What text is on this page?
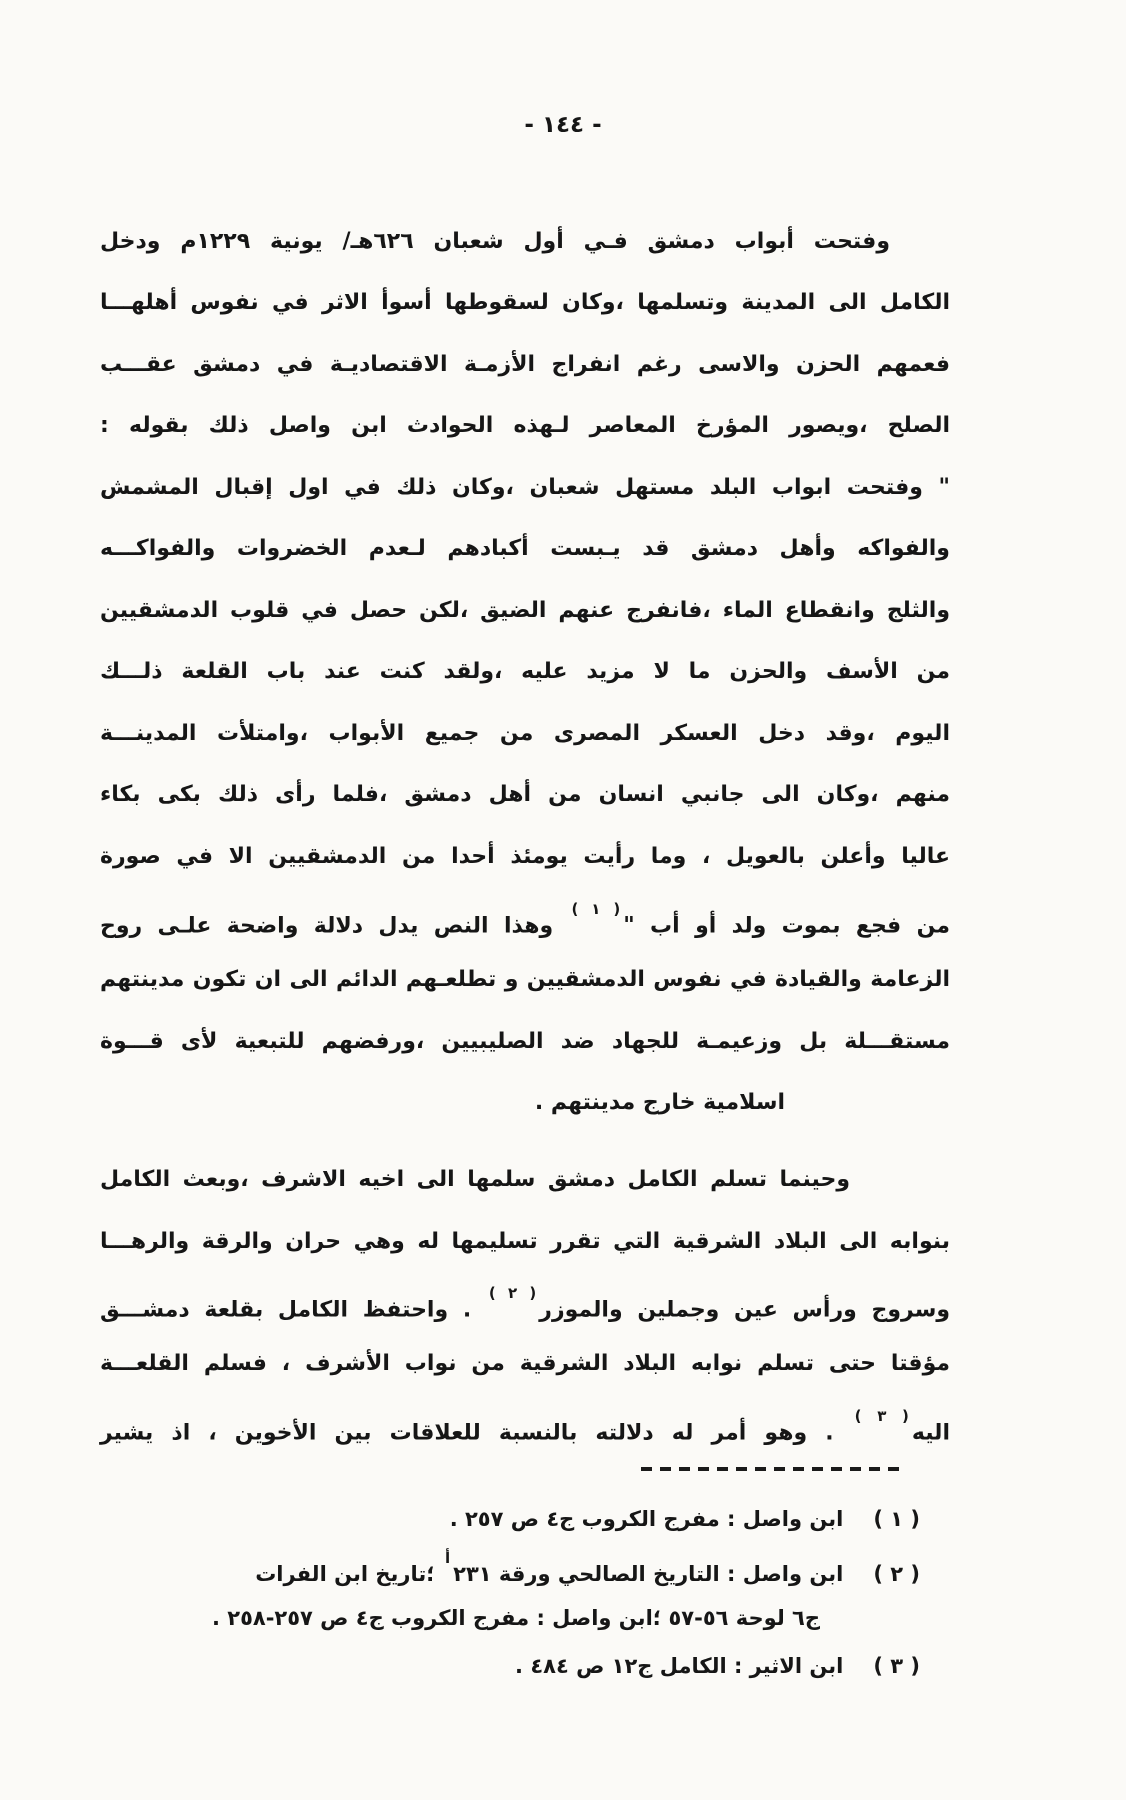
- ١٤٤ -
وفتحت أبواب دمشق فـي أول شعبان ٦٢٦هـ/ يونية ١٢٢٩م ودخل
الكامل الى المدينة وتسلمها ،وكان لسقوطها أسوأ الاثر في نفوس أهلهـــا
فعمهم الحزن والاسى رغم انفراج الأزمـة الاقتصاديـة في دمشق عقـــب
الصلح ،ويصور المؤرخ المعاصر لـهذه الحوادث ابن واصل ذلك بقوله :
" وفتحت ابواب البلد مستهل شعبان ،وكان ذلك في اول إقبال المشمش
والفواكه وأهل دمشق قد يـبست أكبادهم لـعدم الخضروات والفواكـــه
والثلج وانقطاع الماء ،فانفرج عنهم الضيق ،لكن حصل في قلوب الدمشقيين
من الأسف والحزن ما لا مزيد عليه ،ولقد كنت عند باب القلعة ذلـــك
اليوم ،وقد دخل العسكر المصرى من جميع الأبواب ،وامتلأت المدينـــة
منهم ،وكان الى جانبي انسان من أهل دمشق ،فلما رأى ذلك بكى بكاء
عاليا وأعلن بالعويل ، وما رأيت يومئذ أحدا من الدمشقيين الا في صورة
من فجع بموت ولد أو أب "$^{( ١ )}$ وهذا النص يدل دلالة واضحة علـى روح
الزعامة والقيادة في نفوس الدمشقيين و تطلعـهم الدائم الى ان تكون مدينتهم
مستقـــلة بل وزعيمـة للجهاد ضد الصليبيين ،ورفضهم للتبعية لأى قـــوة
اسلامية خارج مدينتهم .
وحينما تسلم الكامل دمشق سلمها الى اخيه الاشرف ،وبعث الكامل
بنوابه الى البلاد الشرقية التي تقرر تسليمها له وهي حران والرقة والرهـــا
وسروج ورأس عين وجملين والموزر$^{( ٢ )}$ . واحتفظ الكامل بقلعة دمشـــق
مؤقتا حتى تسلم نوابه البلاد الشرقية من نواب الأشرف ، فسلم القلعـــة
اليه$^{( ٣ )}$ . وهو أمر له دلالته بالنسبة للعلاقات بين الأخوين ، اذ يشير
( ١ )ابن واصل : مفرج الكروب ج٤ ص ٢٥٧ .
( ٢ )ابن واصل : التاريخ الصالحي ورقة ٢٣١$^أ$ ؛تاريخ ابن الفرات
ج٦ لوحة ٥٦-٥٧ ؛ابن واصل : مفرج الكروب ج٤ ص ٢٥٧-٢٥٨ .
( ٣ )ابن الاثير : الكامل ج١٢ ص ٤٨٤ .
